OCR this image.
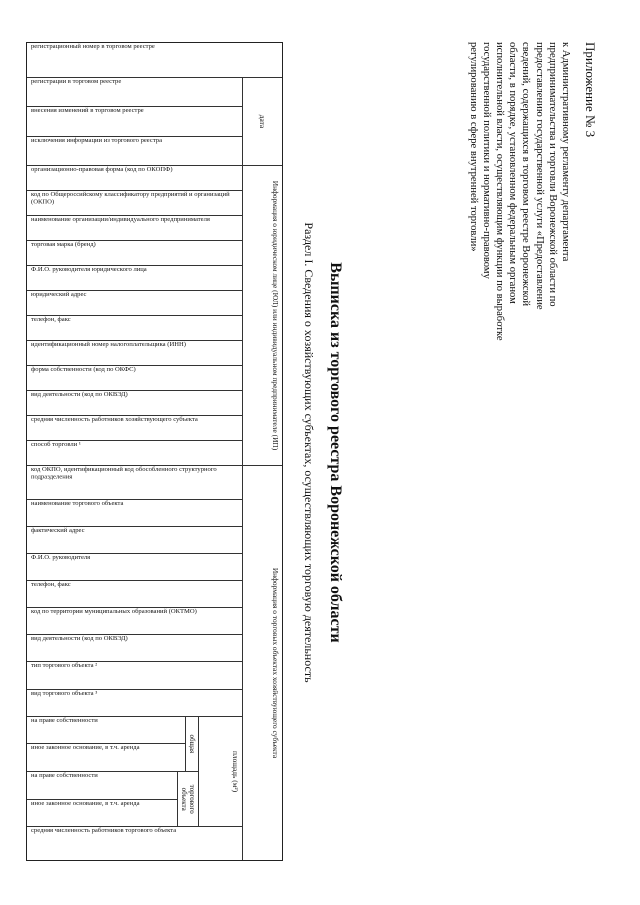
Приложение № 3

к Административному регламенту департамента предпринимательства и торговли Воронежской области по предоставлению государственной услуги «Предоставление сведений, содержащихся в торговом реестре Воронежской области, в порядке, установленном федеральным органом исполнительной власти, осуществляющим функции по выработке государственной политики и нормативно-правовому регулированию в сфере внутренней торговли»

Выписка из торгового реестра Воронежской области
Раздел I. Сведения о хозяйствующих субъектах, осуществляющих торговую деятельность
регистрационный номер в торговом реестре
дата
регистрации в торговом реестре
внесения изменений в торговом реестре
исключения информации из торгового реестра
Информация о юридическом лице (ЮЛ) или индивидуальном предпринимателе (ИП)
организационно-правовая форма (код по ОКОПФ)
код по Общероссийскому классификатору предприятий и организаций (ОКПО)
наименование организации/индивидуального предпринимателя
торговая марка (бренд)
Ф.И.О. руководителя юридического лица
юридический адрес
телефон, факс
идентификационный номер налогоплательщика (ИНН)
форма собственности (код по ОКФС)
вид деятельности (код по ОКВЭД)
средняя численность работников хозяйствующего субъекта
способ торговли ¹
Информация о торговых объектах хозяйствующего субъекта
код ОКПО, идентификационный код обособленного структурного подразделения
наименование торгового объекта
фактический адрес
Ф.И.О. руководителя
телефон, факс
код по территории муниципальных образований (ОКТМО)
вид деятельности (код по ОКВЭД)
тип торгового объекта ²
вид торгового объекта ³
площадь (м²)
общая
на праве собственности
иное законное основание, в т.ч. аренда
торгового объекта
на праве собственности
иное законное основание, в т.ч. аренда
средняя численность работников торгового объекта
